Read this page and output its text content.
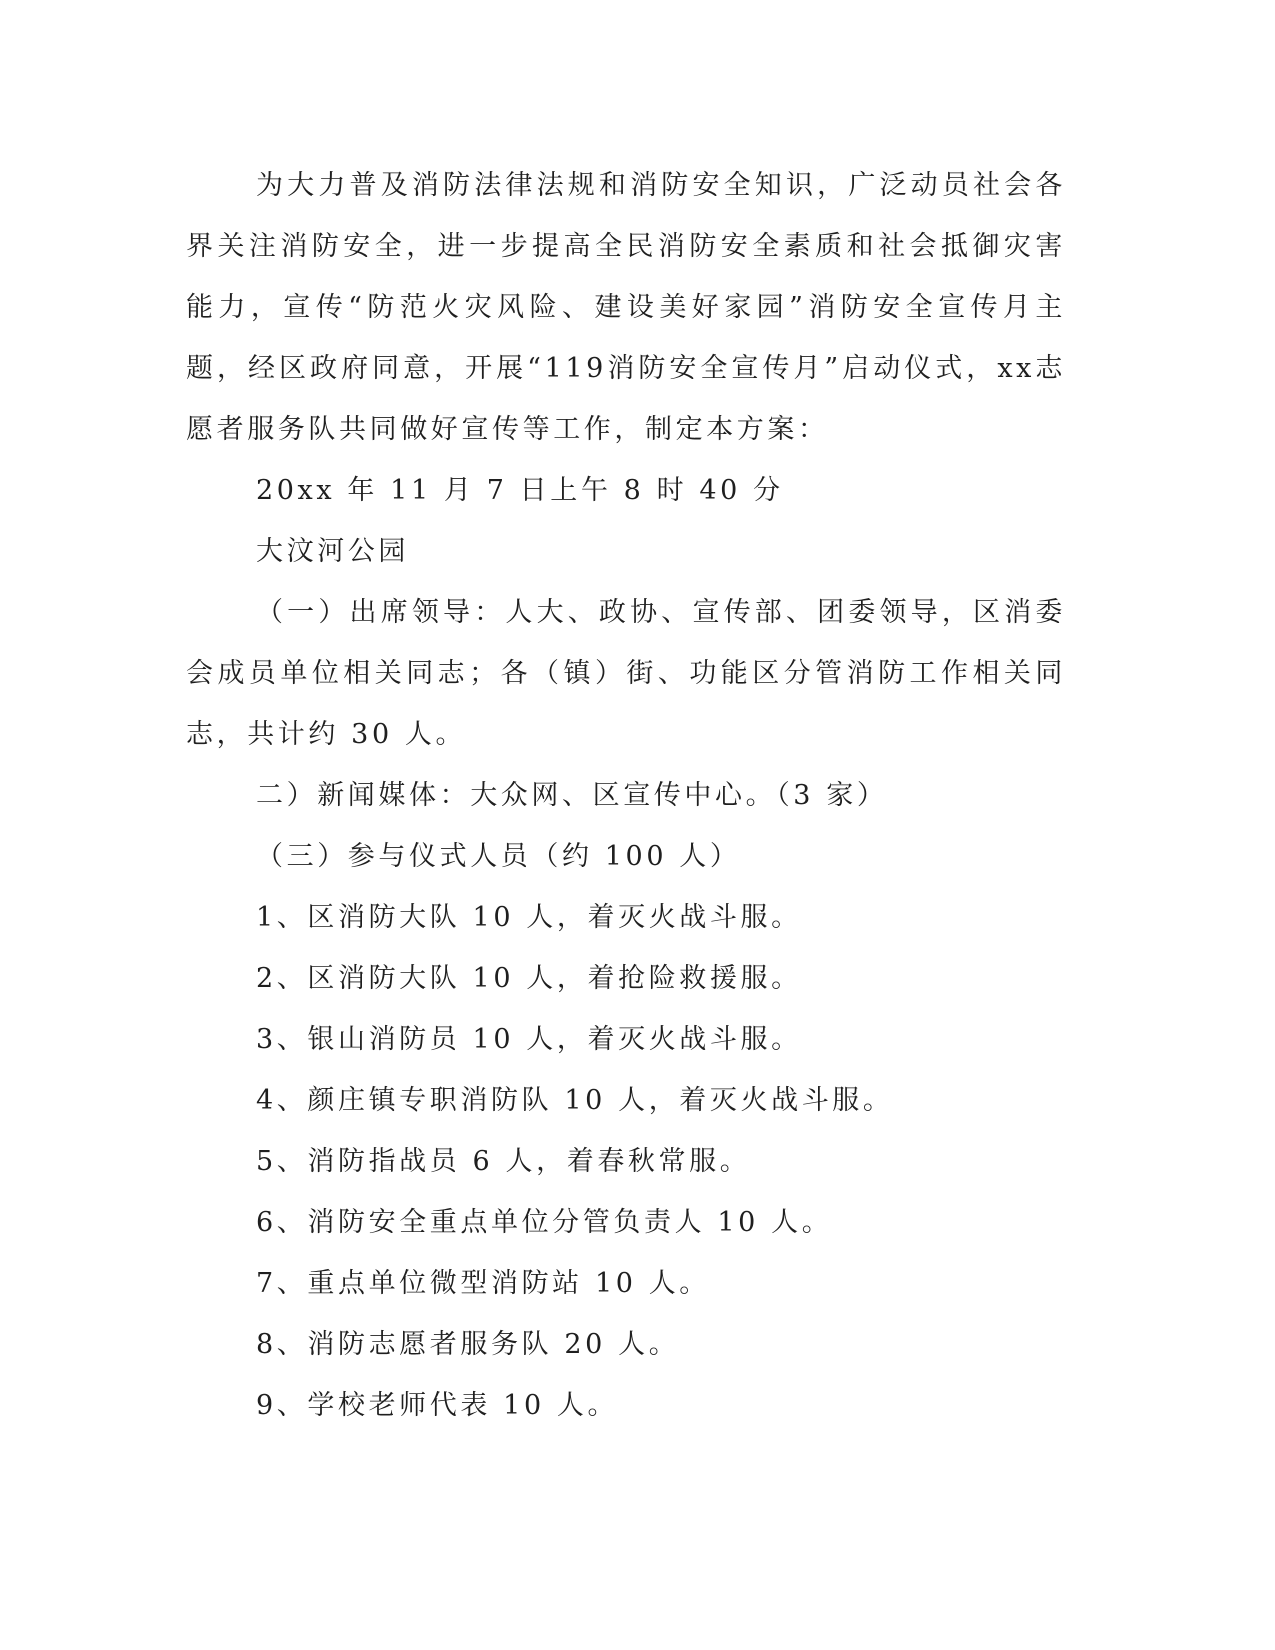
为大力普及消防法律法规和消防安全知识，广泛动员社会各界关注消防安全，进一步提高全民消防安全素质和社会抵御灾害能力，宣传“防范火灾风险、建设美好家园”消防安全宣传月主题，经区政府同意，开展“119消防安全宣传月”启动仪式，xx志愿者服务队共同做好宣传等工作，制定本方案：

20xx 年 11 月 7 日上午 8 时 40 分

大汶河公园

（一）出席领导：人大、政协、宣传部、团委领导，区消委会成员单位相关同志；各（镇）街、功能区分管消防工作相关同志，共计约 30 人。

二）新闻媒体：大众网、区宣传中心。（3 家）

（三）参与仪式人员（约 100 人）

1、区消防大队 10 人，着灭火战斗服。
2、区消防大队 10 人，着抢险救援服。
3、银山消防员 10 人，着灭火战斗服。
4、颜庄镇专职消防队 10 人，着灭火战斗服。
5、消防指战员 6 人，着春秋常服。
6、消防安全重点单位分管负责人 10 人。
7、重点单位微型消防站 10 人。
8、消防志愿者服务队 20 人。
9、学校老师代表 10 人。
